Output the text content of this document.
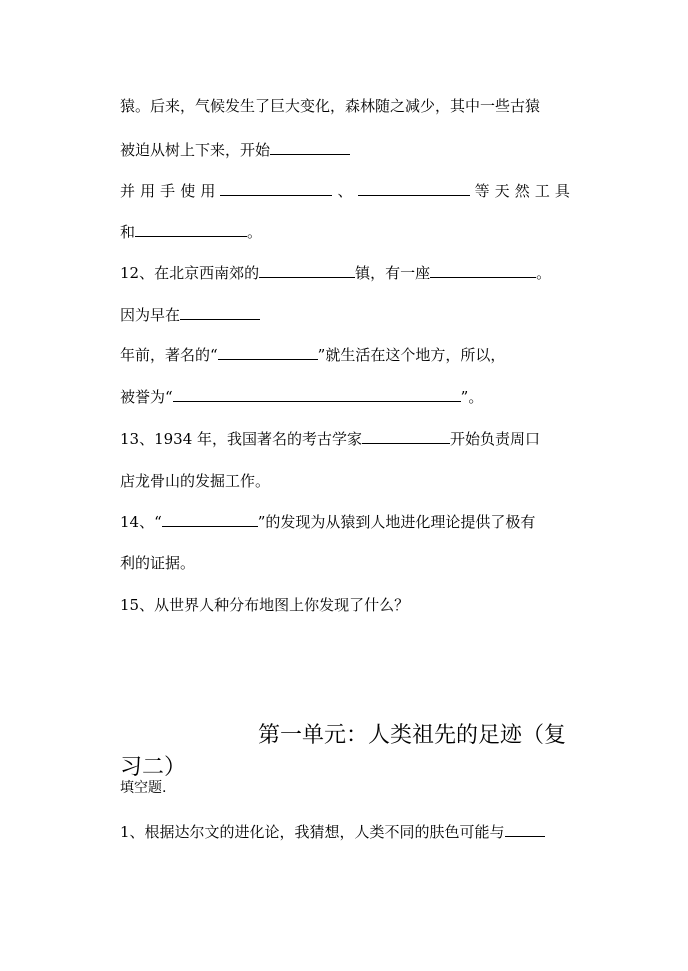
猿。后来，气候发生了巨大变化，森林随之减少，其中一些古猿
被迫从树上下来，开始
并 用 手 使 用	、	等 天 然 工 具
和	。
12、在北京西南郊的	镇，有一座	。
因为早在
年前，著名的“	”就生活在这个地方，所以，
被誉为“	”。
13、1934 年，我国著名的考古学家	开始负责周口
店龙骨山的发掘工作。
14、“	”的发现为从猿到人地进化理论提供了极有
利的证据。
15、从世界人种分布地图上你发现了什么？
第一单元：人类祖先的足迹（复
习二）
填空题.
1、根据达尔文的进化论，我猜想，人类不同的肤色可能与
